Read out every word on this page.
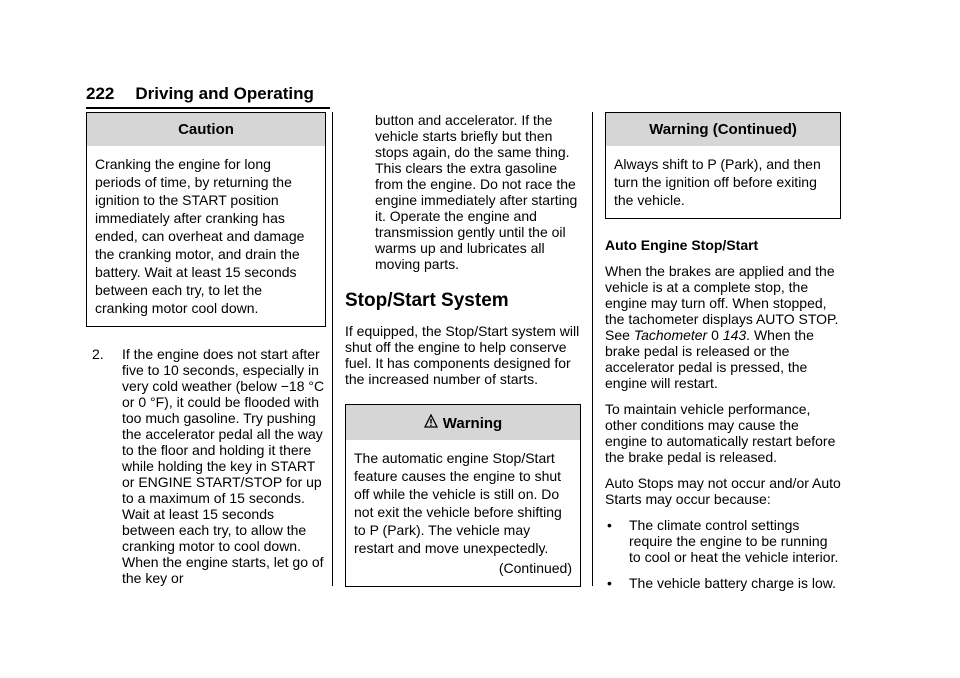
222 Driving and Operating
Caution
Cranking the engine for long periods of time, by returning the ignition to the START position immediately after cranking has ended, can overheat and damage the cranking motor, and drain the battery. Wait at least 15 seconds between each try, to let the cranking motor cool down.
2.	If the engine does not start after five to 10 seconds, especially in very cold weather (below −18 °C or 0 °F), it could be flooded with too much gasoline. Try pushing the accelerator pedal all the way to the floor and holding it there while holding the key in START or ENGINE START/STOP for up to a maximum of 15 seconds. Wait at least 15 seconds between each try, to allow the cranking motor to cool down. When the engine starts, let go of the key or

button and accelerator. If the vehicle starts briefly but then stops again, do the same thing. This clears the extra gasoline from the engine. Do not race the engine immediately after starting it. Operate the engine and transmission gently until the oil warms up and lubricates all moving parts.

Stop/Start System

If equipped, the Stop/Start system will shut off the engine to help conserve fuel. It has components designed for the increased number of starts.

Warning
The automatic engine Stop/Start feature causes the engine to shut off while the vehicle is still on. Do not exit the vehicle before shifting to P (Park). The vehicle may restart and move unexpectedly.
(Continued)
Warning (Continued)
Always shift to P (Park), and then turn the ignition off before exiting the vehicle.

Auto Engine Stop/Start

When the brakes are applied and the vehicle is at a complete stop, the engine may turn off. When stopped, the tachometer displays AUTO STOP. See Tachometer 0 143. When the brake pedal is released or the accelerator pedal is pressed, the engine will restart.

To maintain vehicle performance, other conditions may cause the engine to automatically restart before the brake pedal is released.

Auto Stops may not occur and/or Auto Starts may occur because:

•	The climate control settings require the engine to be running to cool or heat the vehicle interior.
•	The vehicle battery charge is low.
